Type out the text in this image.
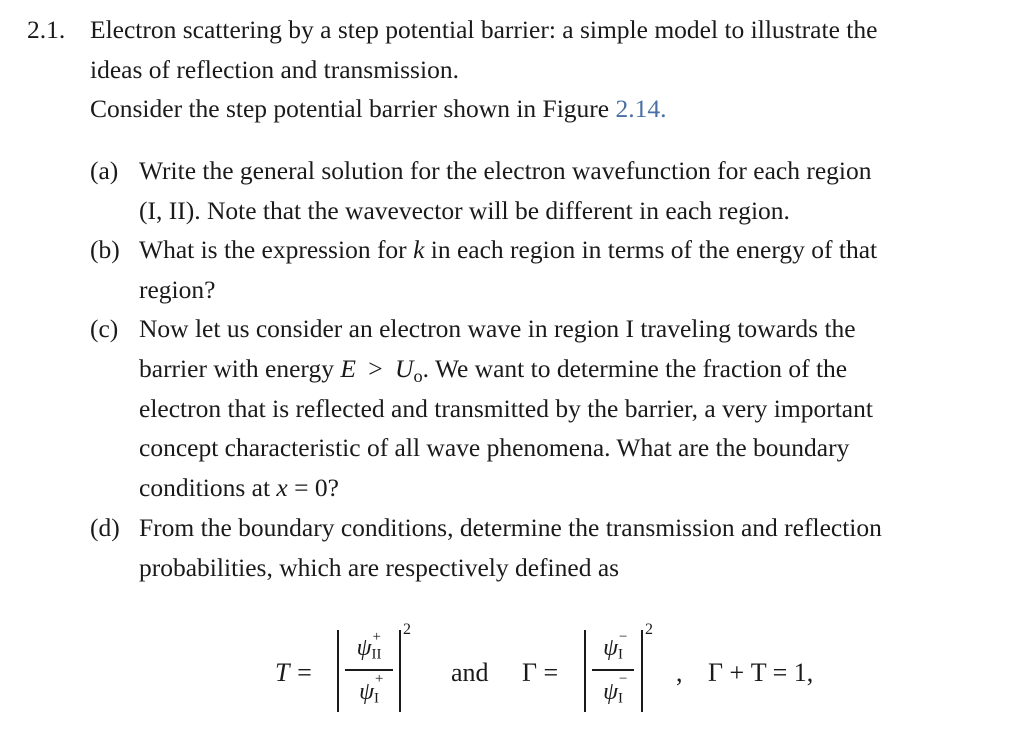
2.1. Electron scattering by a step potential barrier: a simple model to illustrate the
ideas of reflection and transmission.
Consider the step potential barrier shown in Figure 2.14.
(a) Write the general solution for the electron wavefunction for each region
(I, II). Note that the wavevector will be different in each region.
(b) What is the expression for k in each region in terms of the energy of that
region?
(c) Now let us consider an electron wave in region I traveling towards the
barrier with energy $E > U_o$. We want to determine the fraction of the
electron that is reflected and transmitted by the barrier, a very important
concept characteristic of all wave phenomena. What are the boundary
conditions at x = 0?
(d) From the boundary conditions, determine the transmission and reflection
probabilities, which are respectively defined as
T =
2
ψ +
II
ψ +
I
and Γ =
2
ψ −
I
ψ −
I
, Γ + T = 1,
